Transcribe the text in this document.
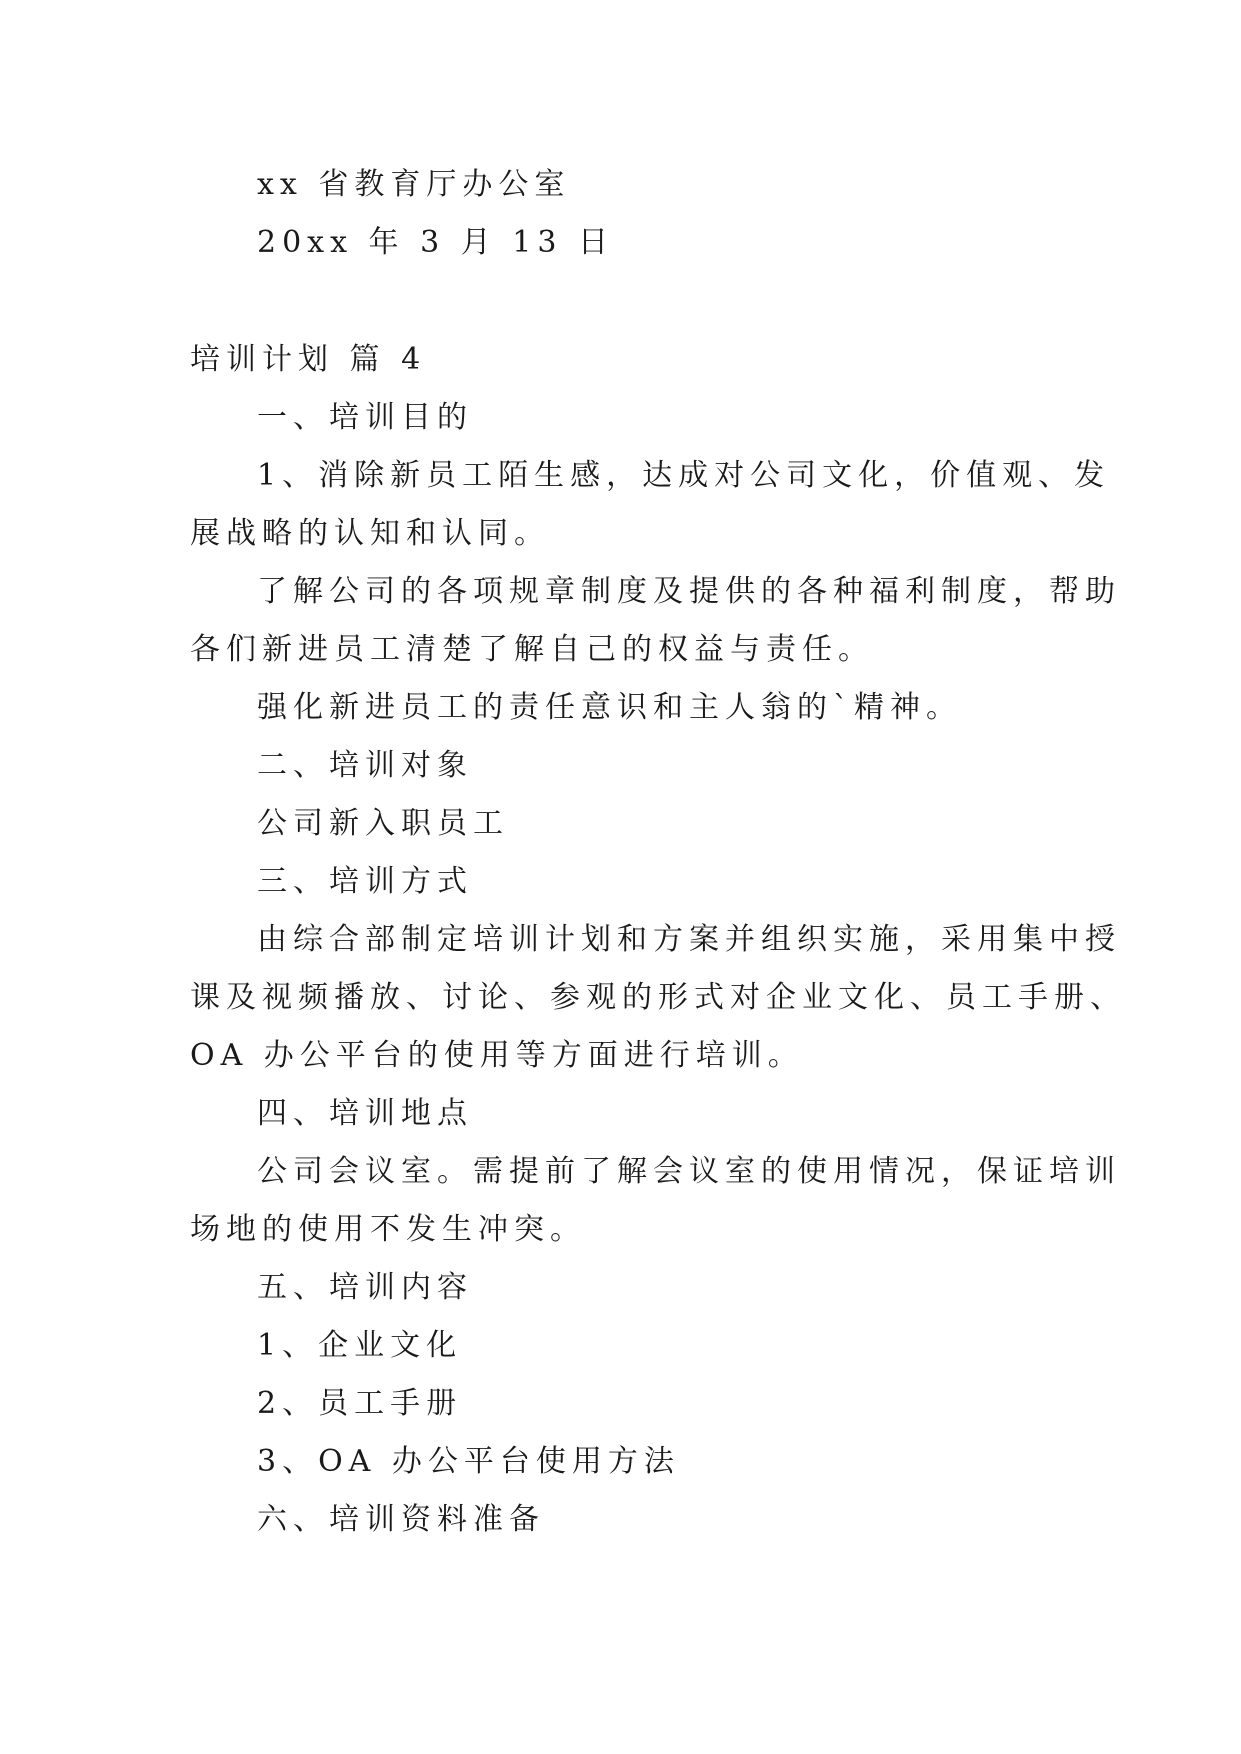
xx 省教育厅办公室

20xx 年 3 月 13 日

培训计划 篇 4

一、培训目的

1、消除新员工陌生感，达成对公司文化，价值观、发

展战略的认知和认同。

了解公司的各项规章制度及提供的各种福利制度，帮助

各们新进员工清楚了解自己的权益与责任。

强化新进员工的责任意识和主人翁的`精神。

二、培训对象

公司新入职员工

三、培训方式

由综合部制定培训计划和方案并组织实施，采用集中授

课及视频播放、讨论、参观的形式对企业文化、员工手册、

OA 办公平台的使用等方面进行培训。

四、培训地点

公司会议室。需提前了解会议室的使用情况，保证培训

场地的使用不发生冲突。

五、培训内容

1、企业文化

2、员工手册

3、OA 办公平台使用方法

六、培训资料准备
